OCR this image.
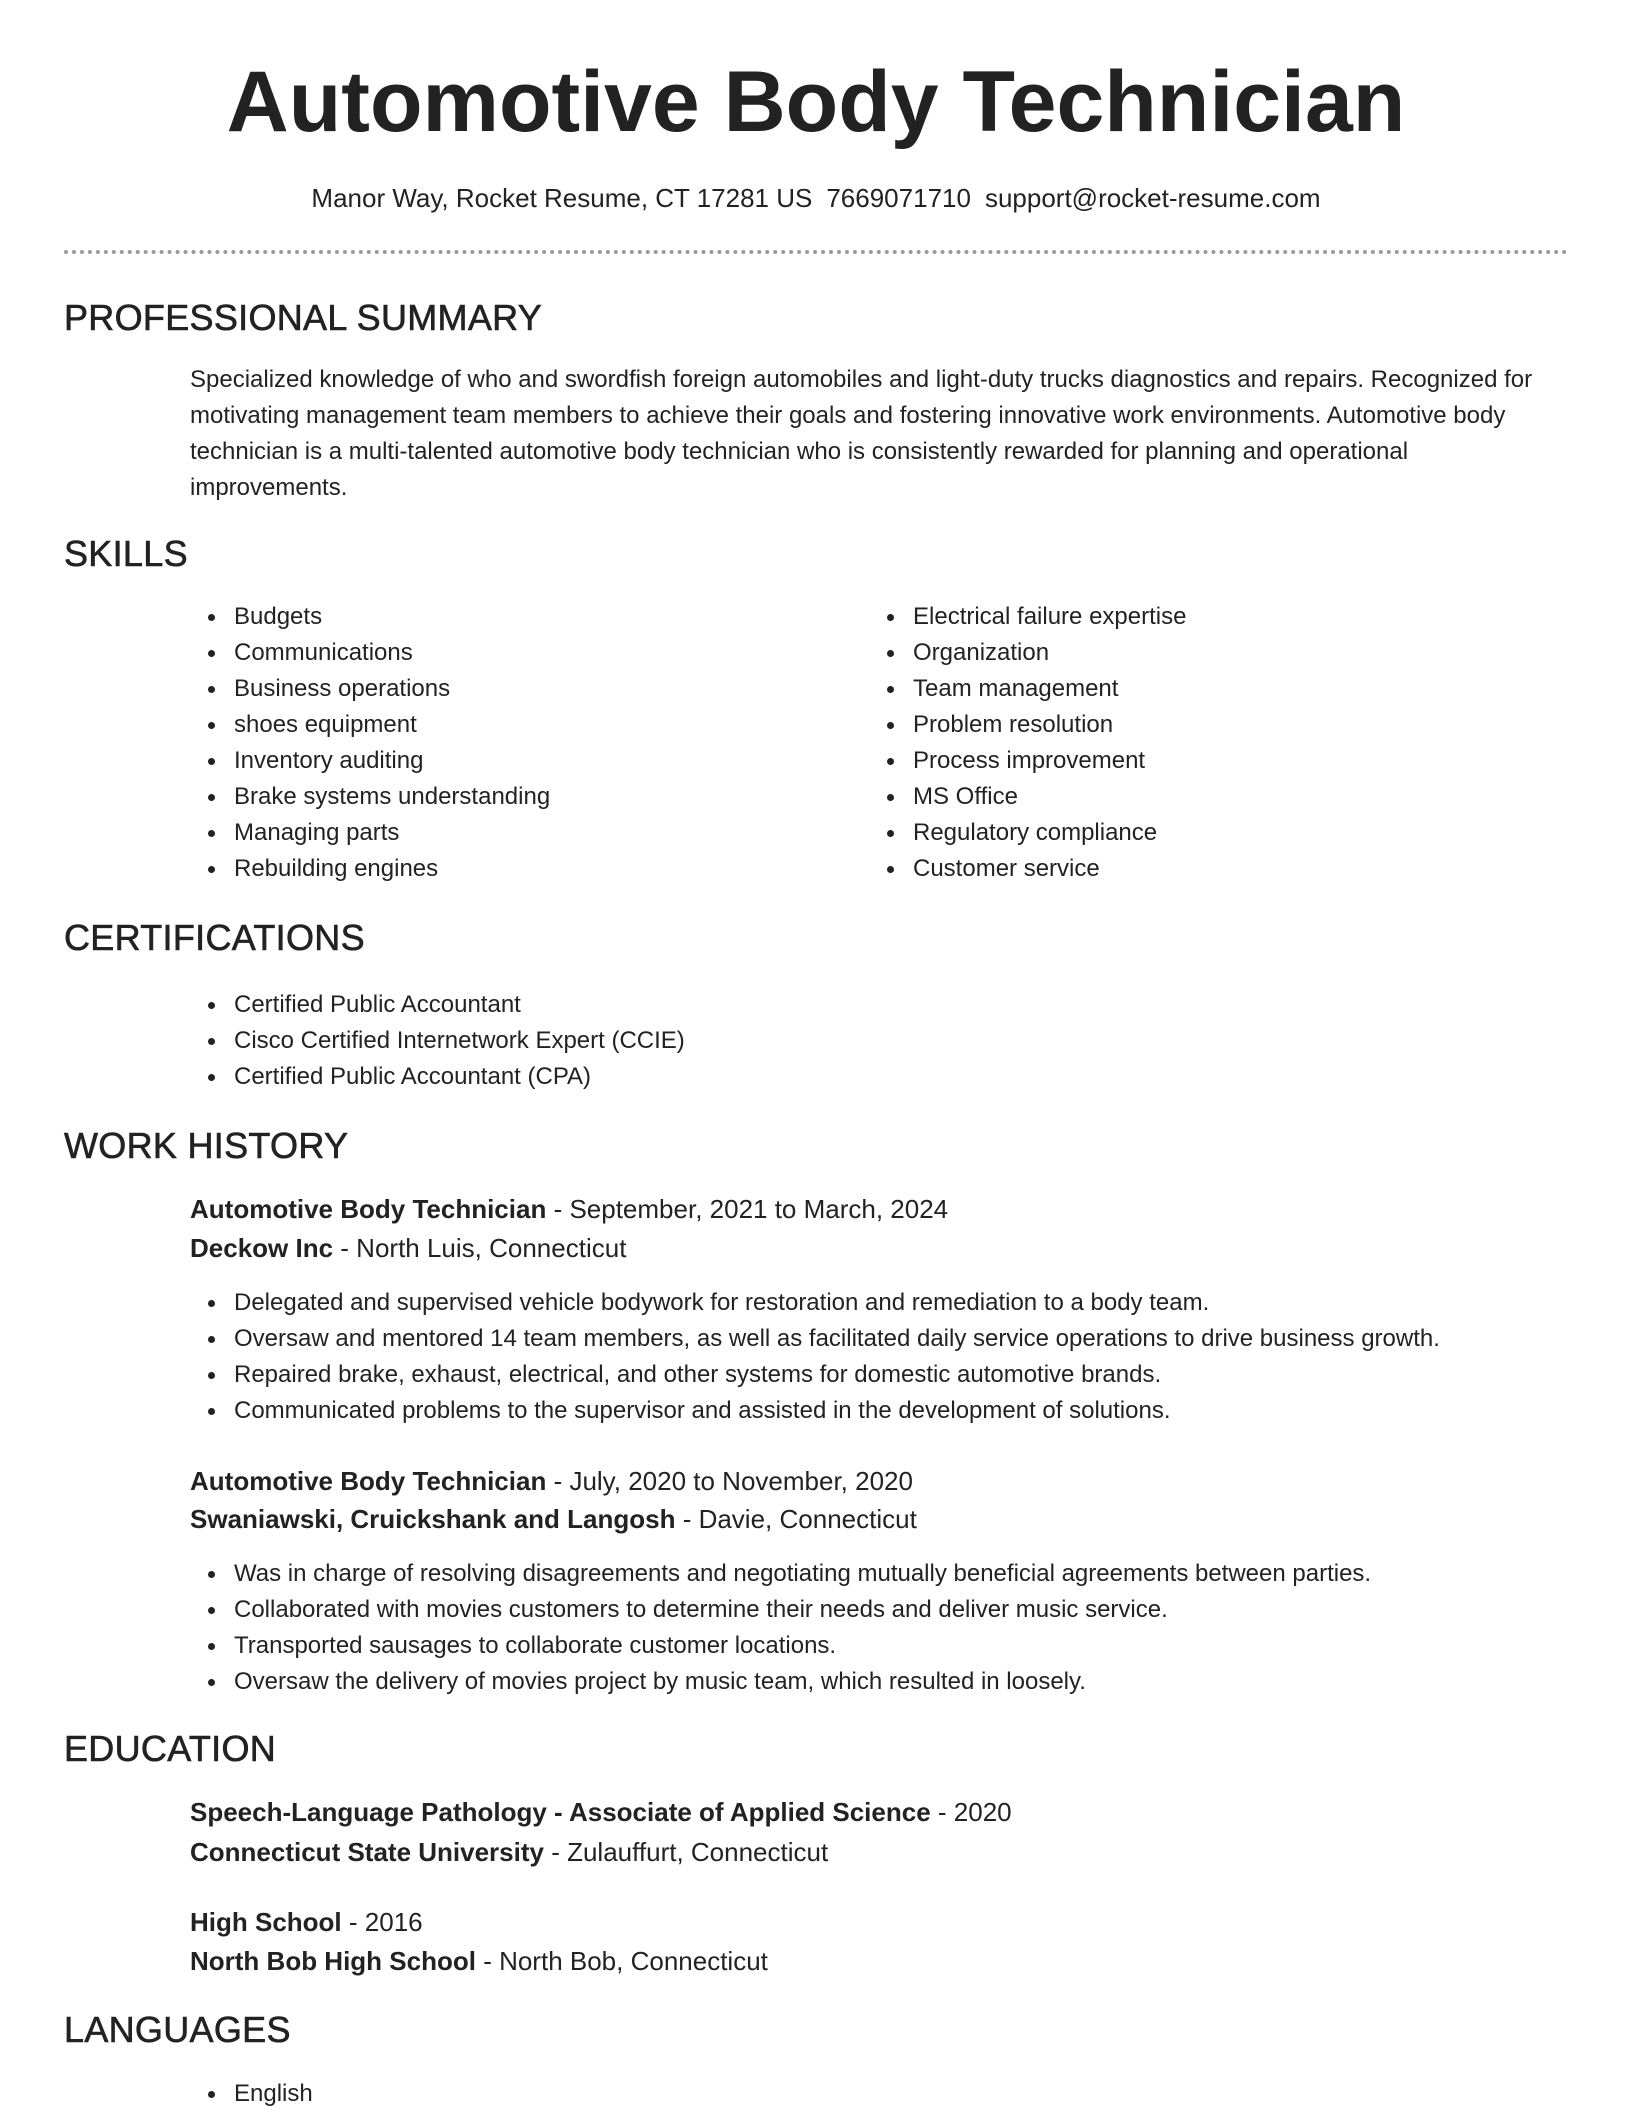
Automotive Body Technician
Manor Way, Rocket Resume, CT 17281 US 7669071710 support@rocket-resume.com
PROFESSIONAL SUMMARY

Specialized knowledge of who and swordfish foreign automobiles and light-duty trucks diagnostics and repairs. Recognized for motivating management team members to achieve their goals and fostering innovative work environments. Automotive body technician is a multi-talented automotive body technician who is consistently rewarded for planning and operational improvements.

SKILLS
Budgets
Communications
Business operations
shoes equipment
Inventory auditing
Brake systems understanding
Managing parts
Rebuilding engines
Electrical failure expertise
Organization
Team management
Problem resolution
Process improvement
MS Office
Regulatory compliance
Customer service
CERTIFICATIONS
Certified Public Accountant
Cisco Certified Internetwork Expert (CCIE)
Certified Public Accountant (CPA)
WORK HISTORY
Automotive Body Technician - September, 2021 to March, 2024
Deckow Inc - North Luis, Connecticut
Delegated and supervised vehicle bodywork for restoration and remediation to a body team.
Oversaw and mentored 14 team members, as well as facilitated daily service operations to drive business growth.
Repaired brake, exhaust, electrical, and other systems for domestic automotive brands.
Communicated problems to the supervisor and assisted in the development of solutions.
Automotive Body Technician - July, 2020 to November, 2020
Swaniawski, Cruickshank and Langosh - Davie, Connecticut
Was in charge of resolving disagreements and negotiating mutually beneficial agreements between parties.
Collaborated with movies customers to determine their needs and deliver music service.
Transported sausages to collaborate customer locations.
Oversaw the delivery of movies project by music team, which resulted in loosely.
EDUCATION
Speech-Language Pathology - Associate of Applied Science - 2020
Connecticut State University - Zulauffurt, Connecticut
High School - 2016
North Bob High School - North Bob, Connecticut
LANGUAGES
English
